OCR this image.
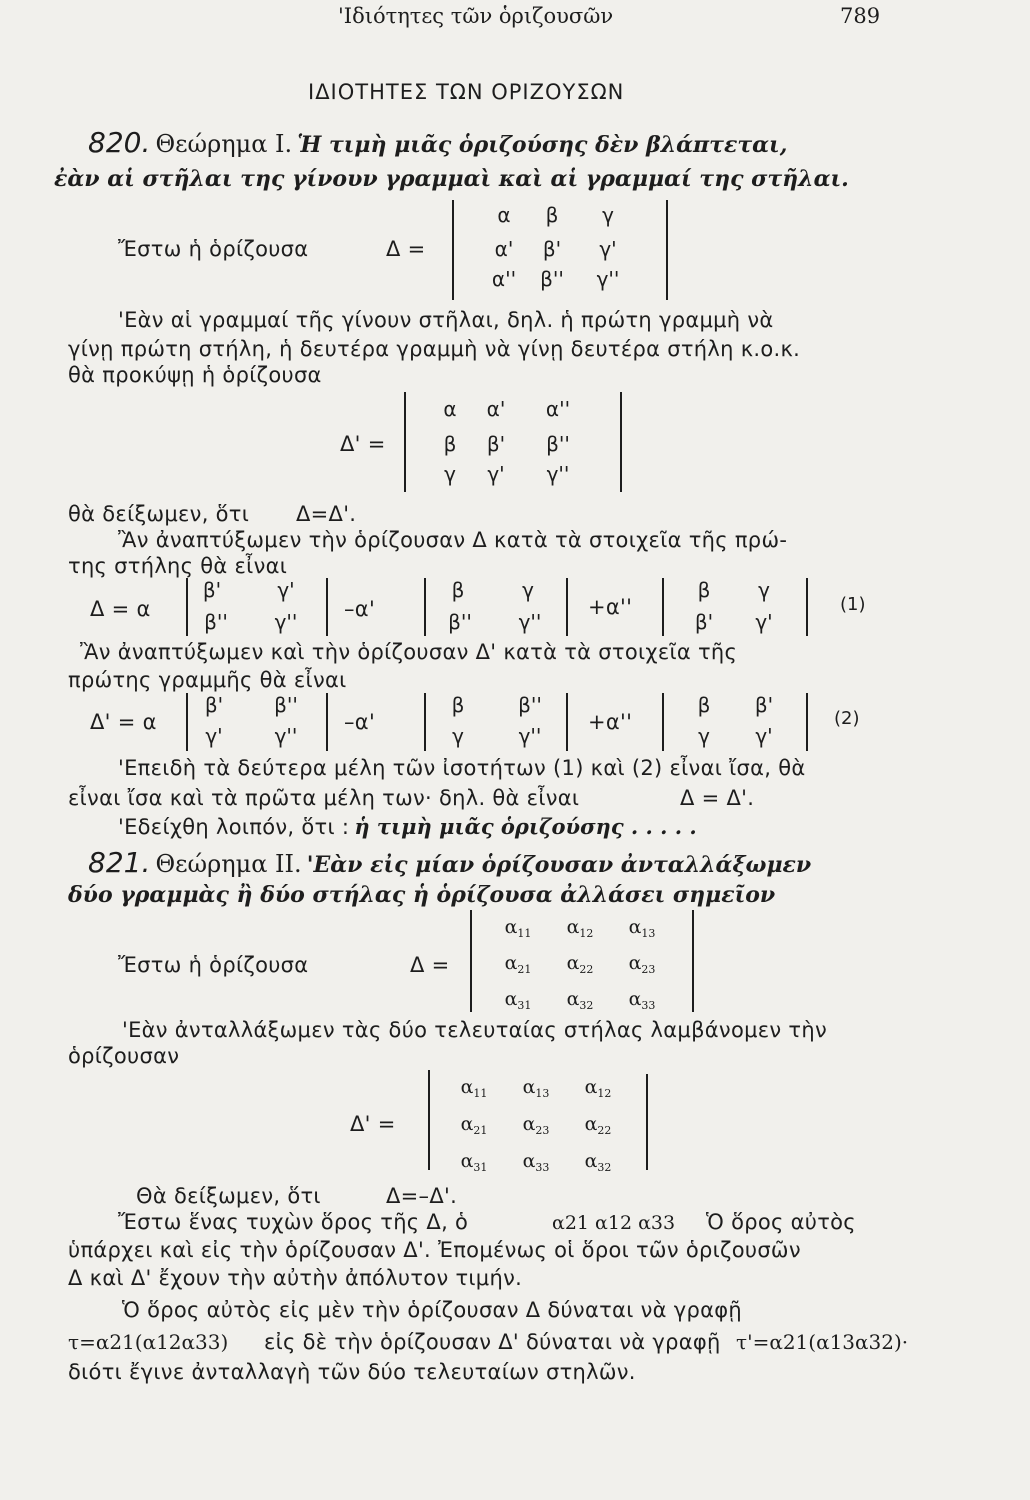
'Ιδιότητες τῶν ὁριζουσῶν	789
ΙΔΙΟΤΗΤΕΣ ΤΩΝ ΟΡΙΖΟΥΣΩΝ
820. Θεώρημα Ι. Ἡ τιμὴ μιᾶς ὁριζούσης δὲν βλάπτεται,
ἐὰν αἱ στῆλαι της γίνουν γραμμαὶ καὶ αἱ γραμμαί της στῆλαι.
Ἔστω ἡ ὁρίζουσα	Δ =
α	β	γ
α'	β'	γ'
α''	β''	γ''
'Εὰν αἱ γραμμαί τῆς γίνουν στῆλαι, δηλ. ἡ πρώτη γραμμὴ νὰ
γίνῃ πρώτη στήλη, ἡ δευτέρα γραμμὴ νὰ γίνῃ δευτέρα στήλη κ.ο.κ.
θὰ προκύψῃ ἡ ὁρίζουσα
Δ' =
α	α'	α''
β	β'	β''
γ	γ'	γ''
θὰ δείξωμεν, ὅτι Δ=Δ'.
Ἂν ἀναπτύξωμεν τὴν ὁρίζουσαν Δ κατὰ τὰ στοιχεῖα τῆς πρώ-
της στήλης θὰ εἶναι
Δ = α
β'	γ'
β''	γ''
–α'
β	γ
β''	γ''
+α''
β	γ
β'	γ'
(1)
Ἂν ἀναπτύξωμεν καὶ τὴν ὁρίζουσαν Δ' κατὰ τὰ στοιχεῖα τῆς
πρώτης γραμμῆς θὰ εἶναι
Δ' = α
β'	β''
γ'	γ''
–α'
β	β''
γ	γ''
+α''
β	β'
γ	γ'
(2)
'Επειδὴ τὰ δεύτερα μέλη τῶν ἰσοτήτων (1) καὶ (2) εἶναι ἴσα, θὰ
εἶναι ἴσα καὶ τὰ πρῶτα μέλη των· δηλ. θὰ εἶναι	Δ = Δ'.
'Εδείχθη λοιπόν, ὅτι : ἡ τιμὴ μιᾶς ὁριζούσης . . . . .
821. Θεώρημα ΙΙ. 'Εὰν εἰς μίαν ὁρίζουσαν ἀνταλλάξωμεν
δύο γραμμὰς ἢ δύο στήλας ἡ ὁρίζουσα ἀλλάσει σημεῖον
Ἔστω ἡ ὁρίζουσα	Δ =
$\alpha_{11}$	$\alpha_{12}$	$\alpha_{13}$
$\alpha_{21}$	$\alpha_{22}$	$\alpha_{23}$
$\alpha_{31}$	$\alpha_{32}$	$\alpha_{33}$
'Εὰν ἀνταλλάξωμεν τὰς δύο τελευταίας στήλας λαμβάνομεν τὴν
ὁρίζουσαν
Δ' =
$\alpha_{11}$	$\alpha_{13}$	$\alpha_{12}$
$\alpha_{21}$	$\alpha_{23}$	$\alpha_{22}$
$\alpha_{31}$	$\alpha_{33}$	$\alpha_{32}$
Θὰ δείξωμεν, ὅτι	Δ=–Δ'.
Ἔστω ἕνας τυχὼν ὅρος τῆς Δ, ὁ	α21 α12 α33 Ὁ ὅρος αὐτὸς
ὑπάρχει καὶ εἰς τὴν ὁρίζουσαν Δ'. Ἐπομένως οἱ ὅροι τῶν ὁριζουσῶν
Δ καὶ Δ' ἔχουν τὴν αὐτὴν ἀπόλυτον τιμήν.
Ὁ ὅρος αὐτὸς εἰς μὲν τὴν ὁρίζουσαν Δ δύναται νὰ γραφῇ
τ=α21(α12α33) εἰς δὲ τὴν ὁρίζουσαν Δ' δύναται νὰ γραφῇ τ'=α21(α13α32)·
διότι ἔγινε ἀνταλλαγὴ τῶν δύο τελευταίων στηλῶν.
